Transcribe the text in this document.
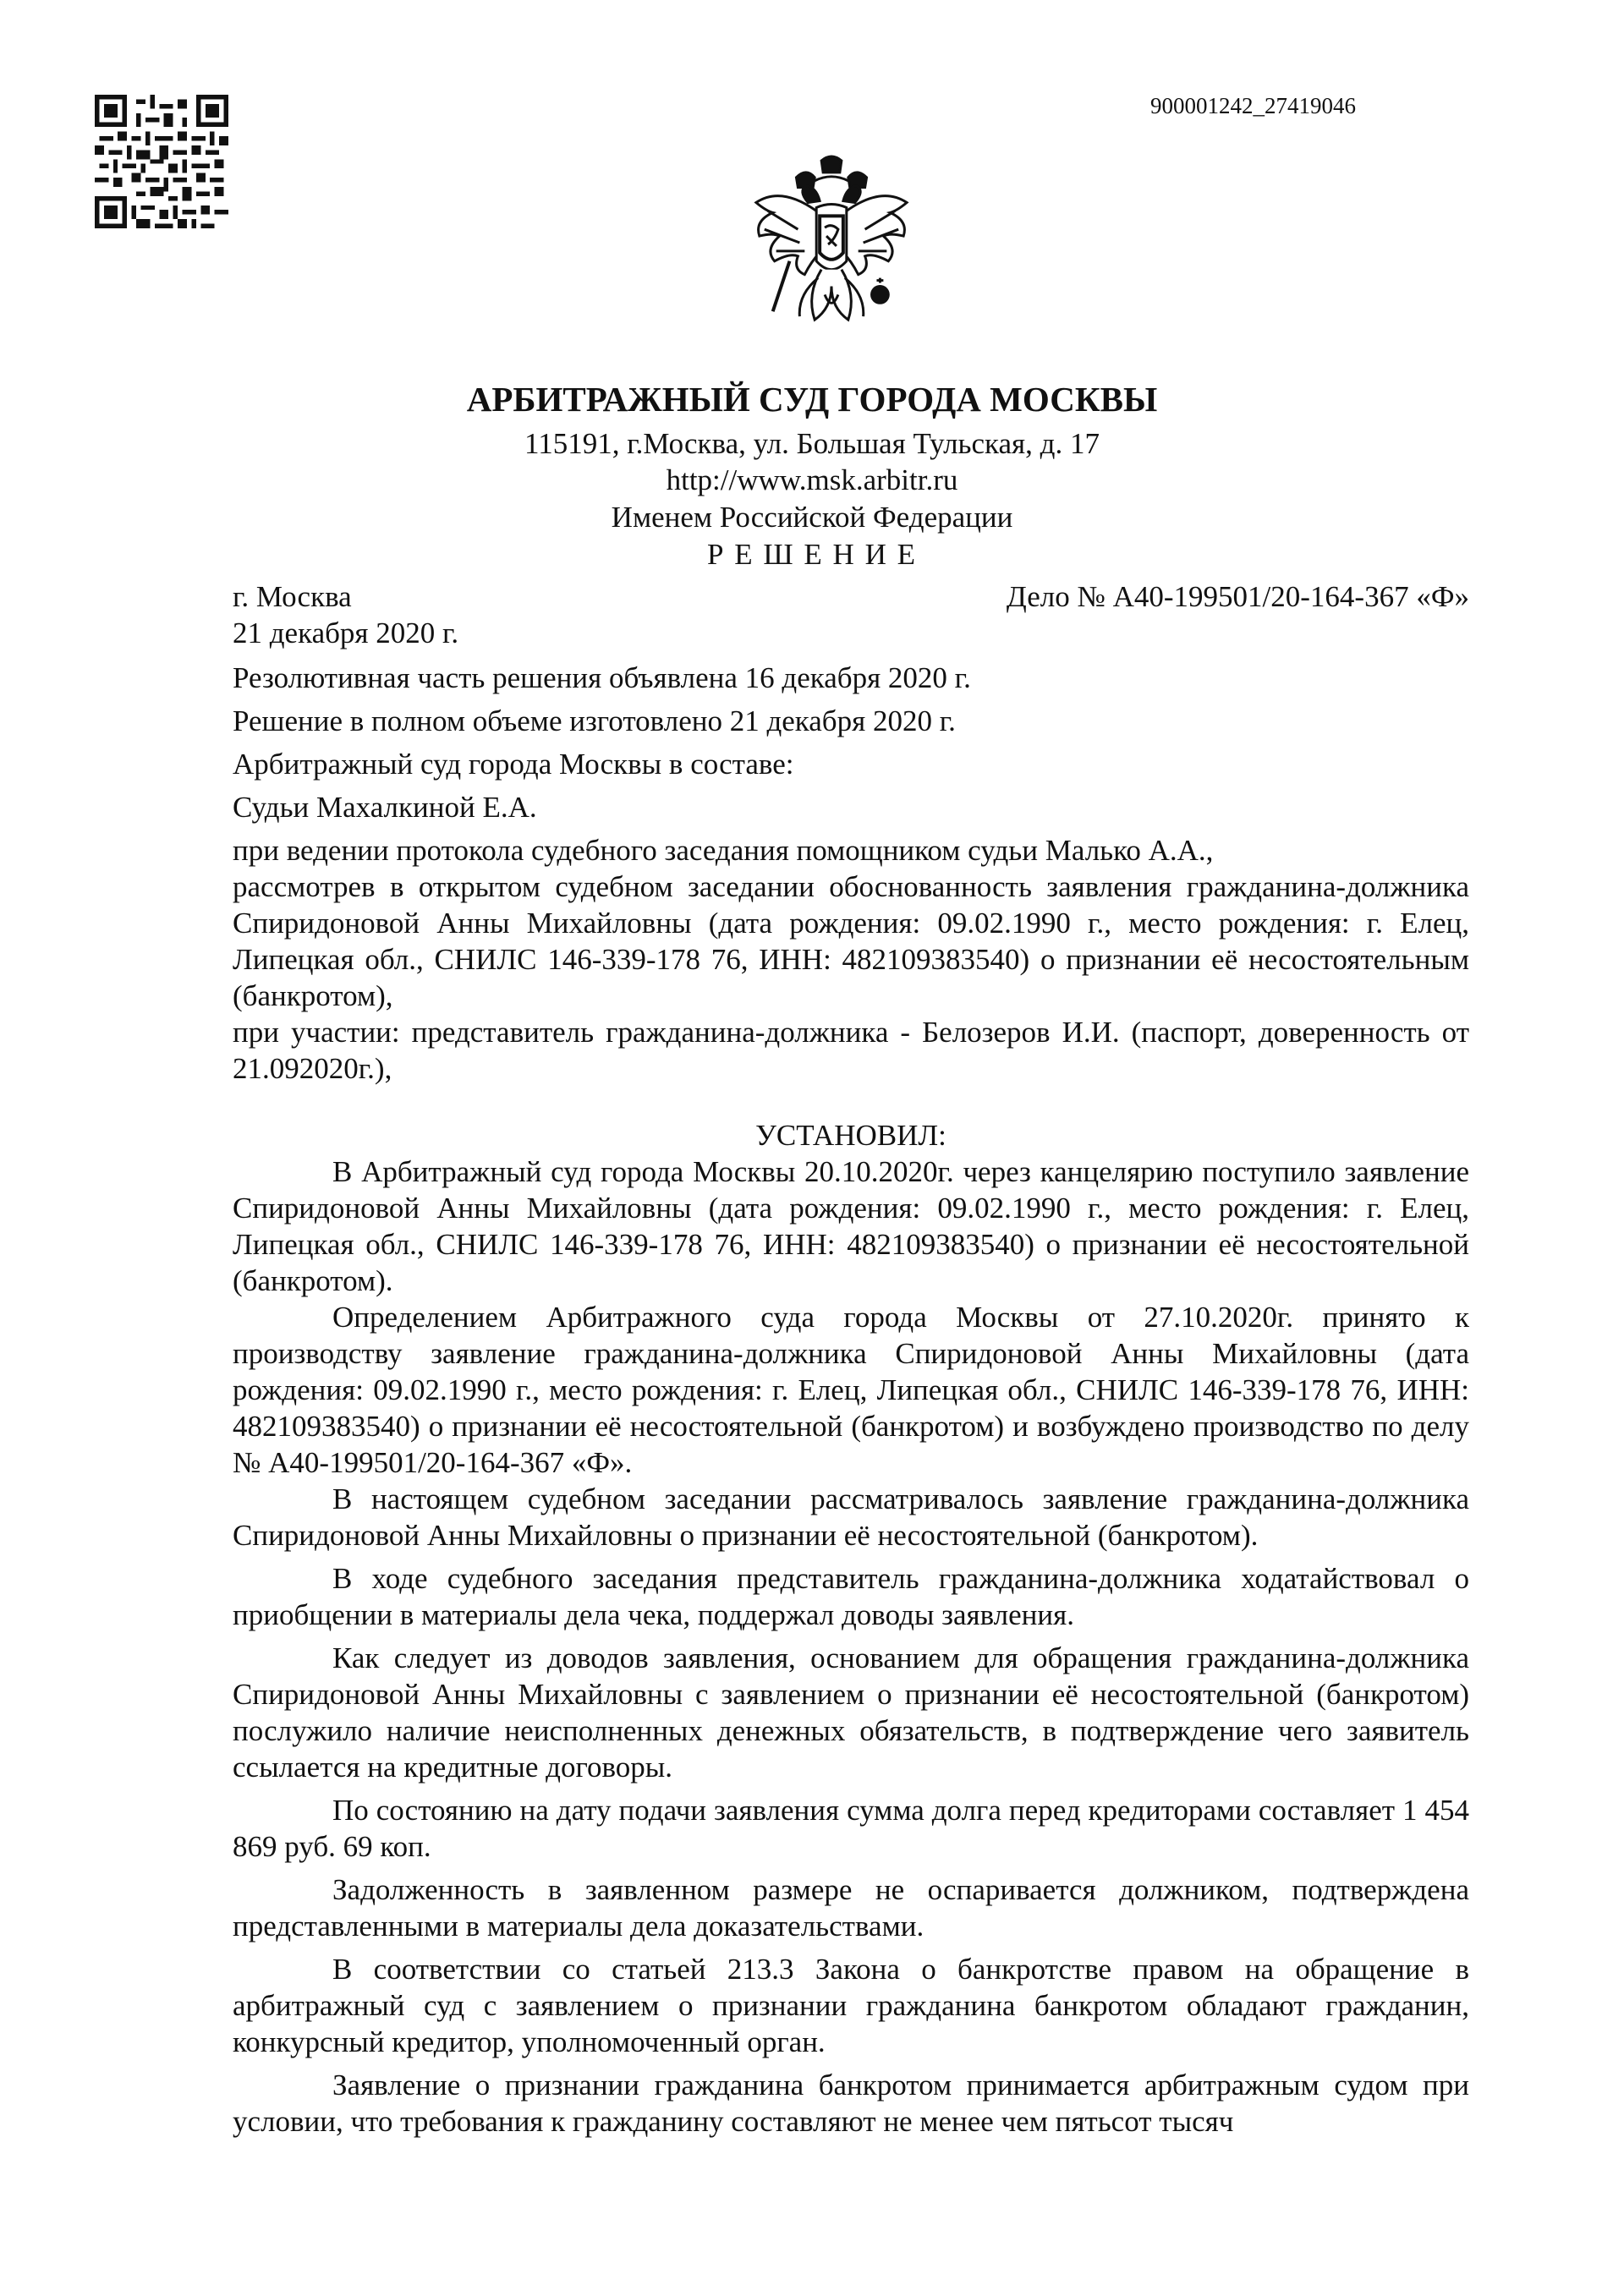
900001242_27419046
АРБИТРАЖНЫЙ СУД ГОРОДА МОСКВЫ
115191, г.Москва, ул. Большая Тульская, д. 17
http://www.msk.arbitr.ru
Именем Российской Федерации
Р Е Ш Е Н И Е
г. Москва	Дело № А40-199501/20-164-367 «Ф»
21 декабря 2020 г.
Резолютивная часть решения объявлена 16 декабря 2020 г.
Решение в полном объеме изготовлено 21 декабря 2020 г.
Арбитражный суд города Москвы в составе:
Судьи Махалкиной Е.А.
при ведении протокола судебного заседания помощником судьи Малько А.А.,
рассмотрев в открытом судебном заседании обоснованность заявления гражданина-должника Спиридоновой Анны Михайловны (дата рождения: 09.02.1990 г., место рождения: г. Елец, Липецкая обл., СНИЛС 146-339-178 76, ИНН: 482109383540) о признании её несостоятельным (банкротом),
при участии: представитель гражданина-должника - Белозеров И.И. (паспорт, доверенность от 21.092020г.),
УСТАНОВИЛ:
В Арбитражный суд города Москвы 20.10.2020г. через канцелярию поступило заявление Спиридоновой Анны Михайловны (дата рождения: 09.02.1990 г., место рождения: г. Елец, Липецкая обл., СНИЛС 146-339-178 76, ИНН: 482109383540) о признании её несостоятельной (банкротом).
Определением Арбитражного суда города Москвы от 27.10.2020г. принято к производству заявление гражданина-должника Спиридоновой Анны Михайловны (дата рождения: 09.02.1990 г., место рождения: г. Елец, Липецкая обл., СНИЛС 146-339-178 76, ИНН: 482109383540) о признании её несостоятельной (банкротом) и возбуждено производство по делу № А40-199501/20-164-367 «Ф».
В настоящем судебном заседании рассматривалось заявление гражданина-должника Спиридоновой Анны Михайловны о признании её несостоятельной (банкротом).
В ходе судебного заседания представитель гражданина-должника ходатайствовал о приобщении в материалы дела чека, поддержал доводы заявления.
Как следует из доводов заявления, основанием для обращения гражданина-должника Спиридоновой Анны Михайловны с заявлением о признании её несостоятельной (банкротом) послужило наличие неисполненных денежных обязательств, в подтверждение чего заявитель ссылается на кредитные договоры.
По состоянию на дату подачи заявления сумма долга перед кредиторами составляет 1 454 869 руб. 69 коп.
Задолженность в заявленном размере не оспаривается должником, подтверждена представленными в материалы дела доказательствами.
В соответствии со статьей 213.3 Закона о банкротстве правом на обращение в арбитражный суд с заявлением о признании гражданина банкротом обладают гражданин, конкурсный кредитор, уполномоченный орган.
Заявление о признании гражданина банкротом принимается арбитражным судом при условии, что требования к гражданину составляют не менее чем пятьсот тысяч
